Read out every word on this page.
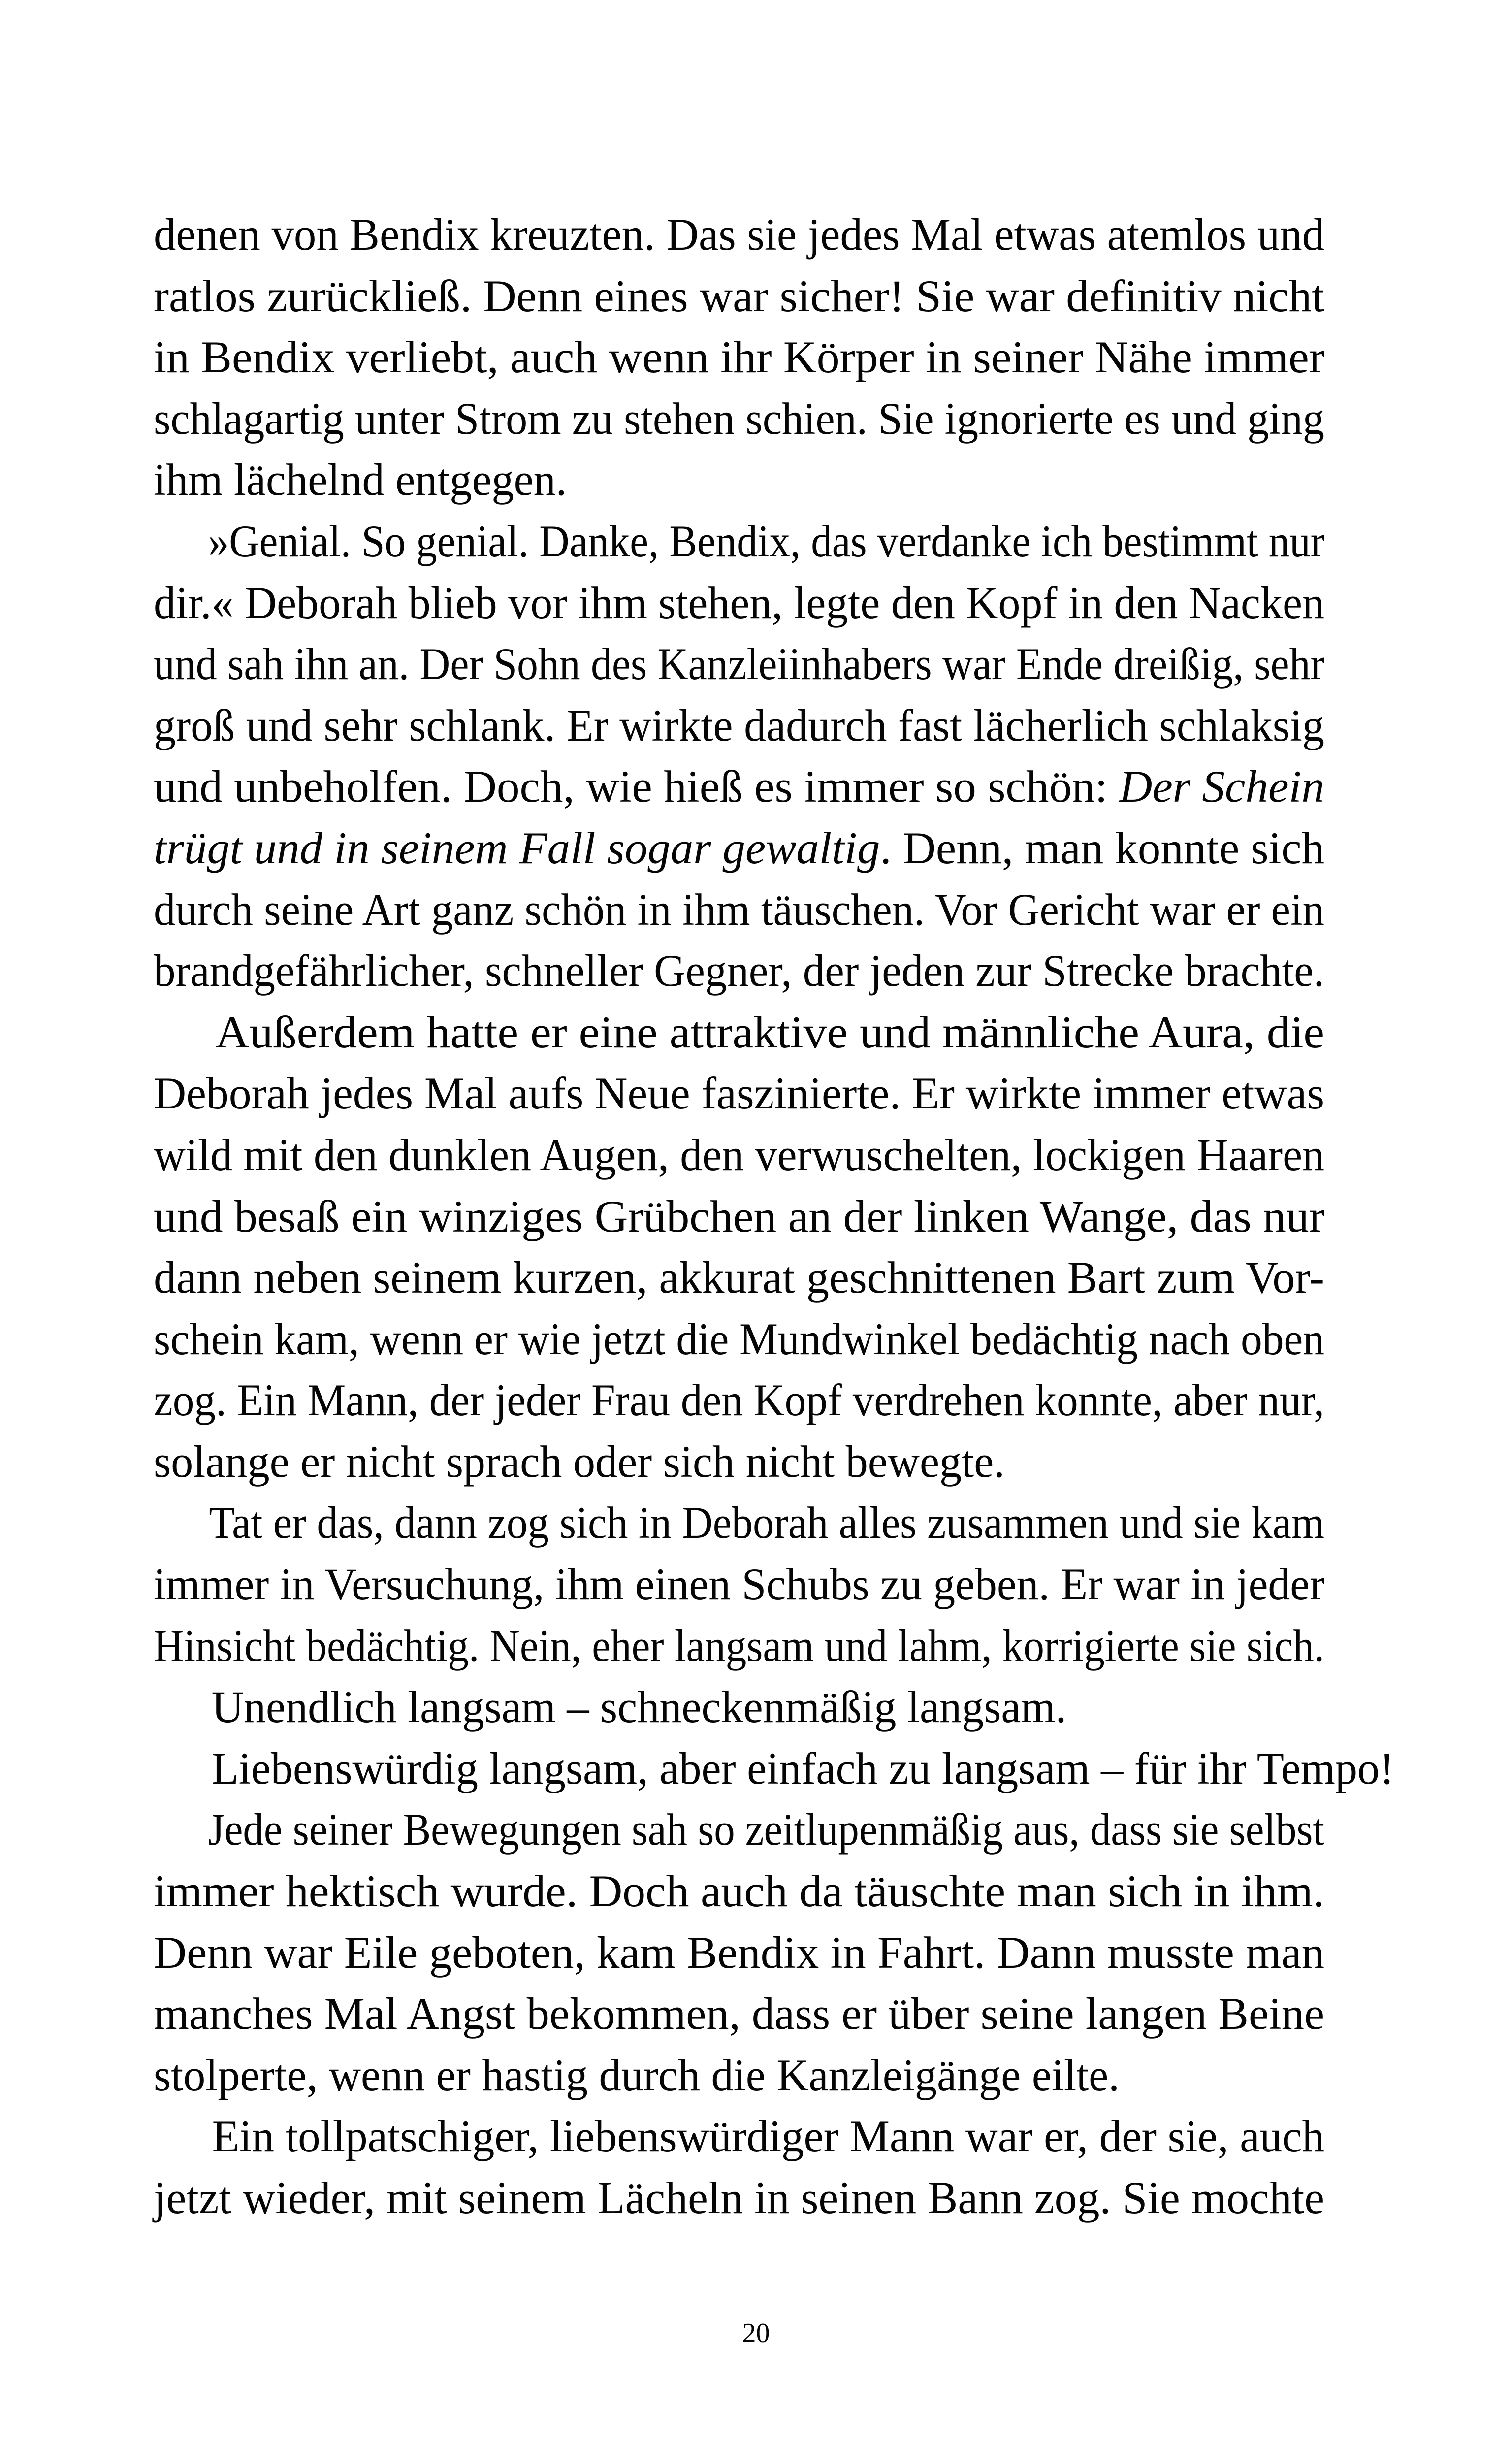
denen von Bendix kreuzten. Das sie jedes Mal etwas atemlos und
ratlos zurückließ. Denn eines war sicher! Sie war definitiv nicht
in Bendix verliebt, auch wenn ihr Körper in seiner Nähe immer
schlagartig unter Strom zu stehen schien. Sie ignorierte es und ging
ihm lächelnd entgegen.
»Genial. So genial. Danke, Bendix, das verdanke ich bestimmt nur
dir.« Deborah blieb vor ihm stehen, legte den Kopf in den Nacken
und sah ihn an. Der Sohn des Kanzleiinhabers war Ende dreißig, sehr
groß und sehr schlank. Er wirkte dadurch fast lächerlich schlaksig
und unbeholfen. Doch, wie hieß es immer so schön: Der Schein
trügt und in seinem Fall sogar gewaltig. Denn, man konnte sich
durch seine Art ganz schön in ihm täuschen. Vor Gericht war er ein
brandgefährlicher, schneller Gegner, der jeden zur Strecke brachte.
Außerdem hatte er eine attraktive und männliche Aura, die
Deborah jedes Mal aufs Neue faszinierte. Er wirkte immer etwas
wild mit den dunklen Augen, den verwuschelten, lockigen Haaren
und besaß ein winziges Grübchen an der linken Wange, das nur
dann neben seinem kurzen, akkurat geschnittenen Bart zum Vor-
schein kam, wenn er wie jetzt die Mundwinkel bedächtig nach oben
zog. Ein Mann, der jeder Frau den Kopf verdrehen konnte, aber nur,
solange er nicht sprach oder sich nicht bewegte.
Tat er das, dann zog sich in Deborah alles zusammen und sie kam
immer in Versuchung, ihm einen Schubs zu geben. Er war in jeder
Hinsicht bedächtig. Nein, eher langsam und lahm, korrigierte sie sich.
Unendlich langsam – schneckenmäßig langsam.
Liebenswürdig langsam, aber einfach zu langsam – für ihr Tempo!
Jede seiner Bewegungen sah so zeitlupenmäßig aus, dass sie selbst
immer hektisch wurde. Doch auch da täuschte man sich in ihm.
Denn war Eile geboten, kam Bendix in Fahrt. Dann musste man
manches Mal Angst bekommen, dass er über seine langen Beine
stolperte, wenn er hastig durch die Kanzleigänge eilte.
Ein tollpatschiger, liebenswürdiger Mann war er, der sie, auch
jetzt wieder, mit seinem Lächeln in seinen Bann zog. Sie mochte
20
